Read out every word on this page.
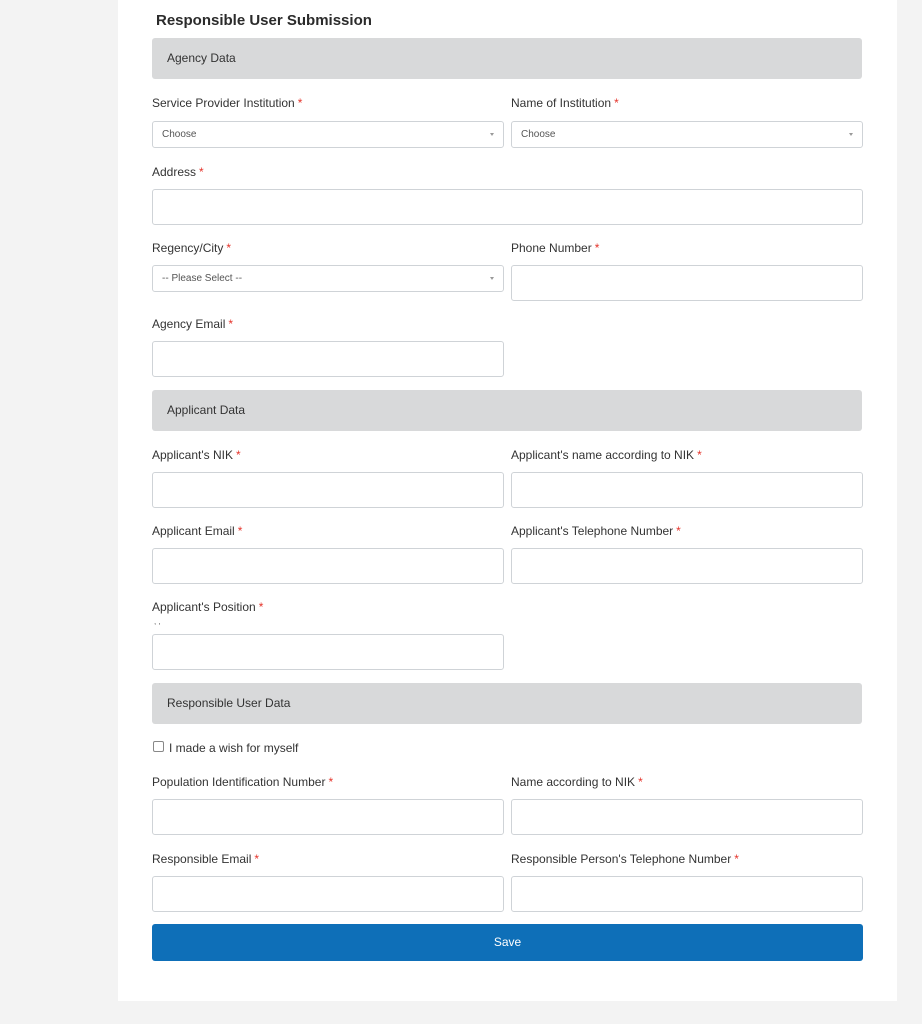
Responsible User Submission
Agency Data
Service Provider Institution *
Choose
Name of Institution *
Choose
Address *
Regency/City *
-- Please Select --
Phone Number *
Agency Email *
Applicant Data
Applicant's NIK *	Applicant's name according to NIK *
Applicant Email *	Applicant's Telephone Number *
Applicant's Position *
, ,
Responsible User Data
I made a wish for myself
Population Identification Number *	Name according to NIK *
Responsible Email *	Responsible Person's Telephone Number *
Save
